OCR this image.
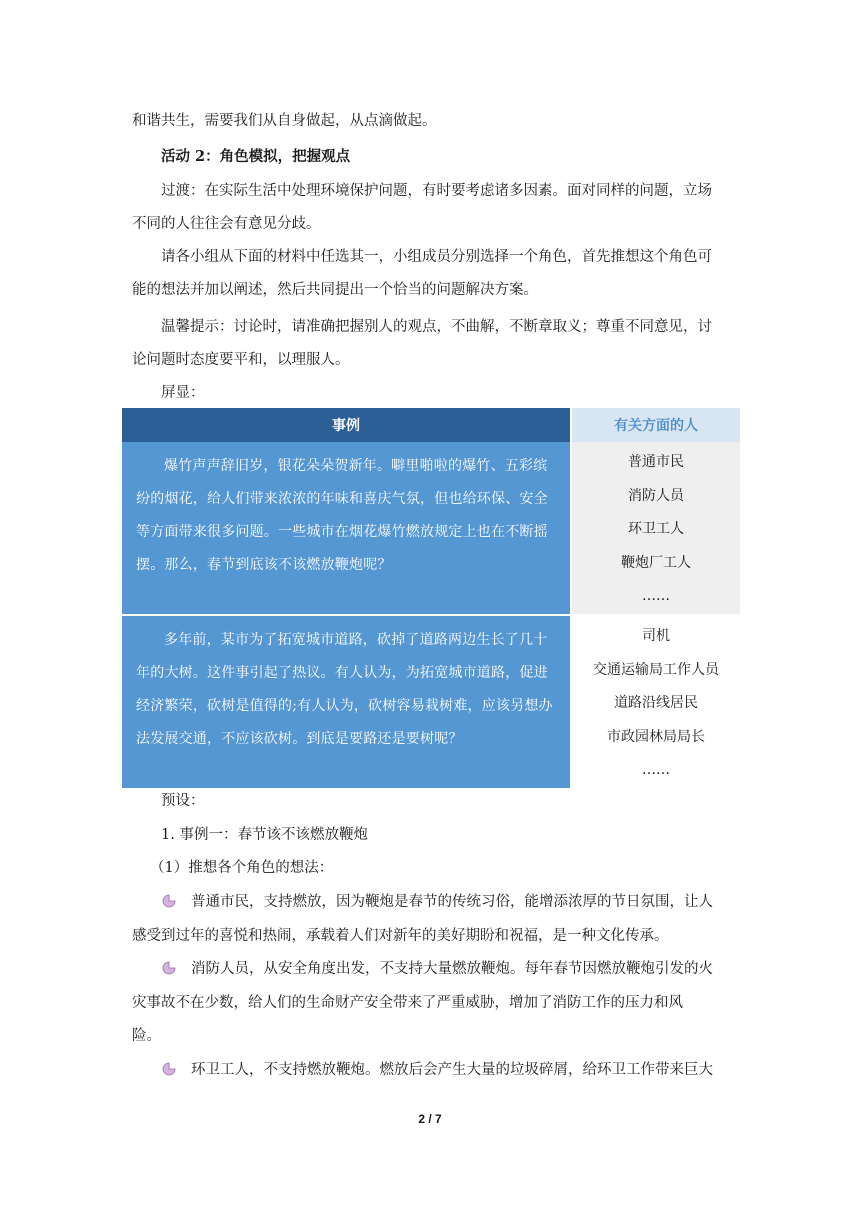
和谐共生，需要我们从自身做起，从点滴做起。
活动 2：角色模拟，把握观点
过渡：在实际生活中处理环境保护问题，有时要考虑诸多因素。面对同样的问题，立场
不同的人往往会有意见分歧。
请各小组从下面的材料中任选其一，小组成员分别选择一个角色，首先推想这个角色可
能的想法并加以阐述，然后共同提出一个恰当的问题解决方案。
温馨提示：讨论时，请准确把握别人的观点，不曲解，不断章取义；尊重不同意见，讨
论问题时态度要平和，以理服人。
屏显：
事例	有关方面的人

爆竹声声辞旧岁，银花朵朵贺新年。噼里啪啦的爆竹、五彩缤纷的烟花，给人们带来浓浓的年味和喜庆气氛，但也给环保、安全等方面带来很多问题。一些城市在烟花爆竹燃放规定上也在不断摇摆。那么，春节到底该不该燃放鞭炮呢？	普通市民
消防人员
环卫工人
鞭炮厂工人
……

多年前，某市为了拓宽城市道路，砍掉了道路两边生长了几十年的大树。这件事引起了热议。有人认为，为拓宽城市道路，促进经济繁荣，砍树是值得的;有人认为，砍树容易栽树难，应该另想办法发展交通，不应该砍树。到底是要路还是要树呢？	司机
交通运输局工作人员
道路沿线居民
市政园林局局长
……
预设：
1. 事例一：春节该不该燃放鞭炮
（1）推想各个角色的想法：
普通市民，支持燃放，因为鞭炮是春节的传统习俗，能增添浓厚的节日氛围，让人
感受到过年的喜悦和热闹，承载着人们对新年的美好期盼和祝福，是一种文化传承。
消防人员，从安全角度出发，不支持大量燃放鞭炮。每年春节因燃放鞭炮引发的火
灾事故不在少数，给人们的生命财产安全带来了严重威胁，增加了消防工作的压力和风
险。
环卫工人，不支持燃放鞭炮。燃放后会产生大量的垃圾碎屑，给环卫工作带来巨大
2 / 7
